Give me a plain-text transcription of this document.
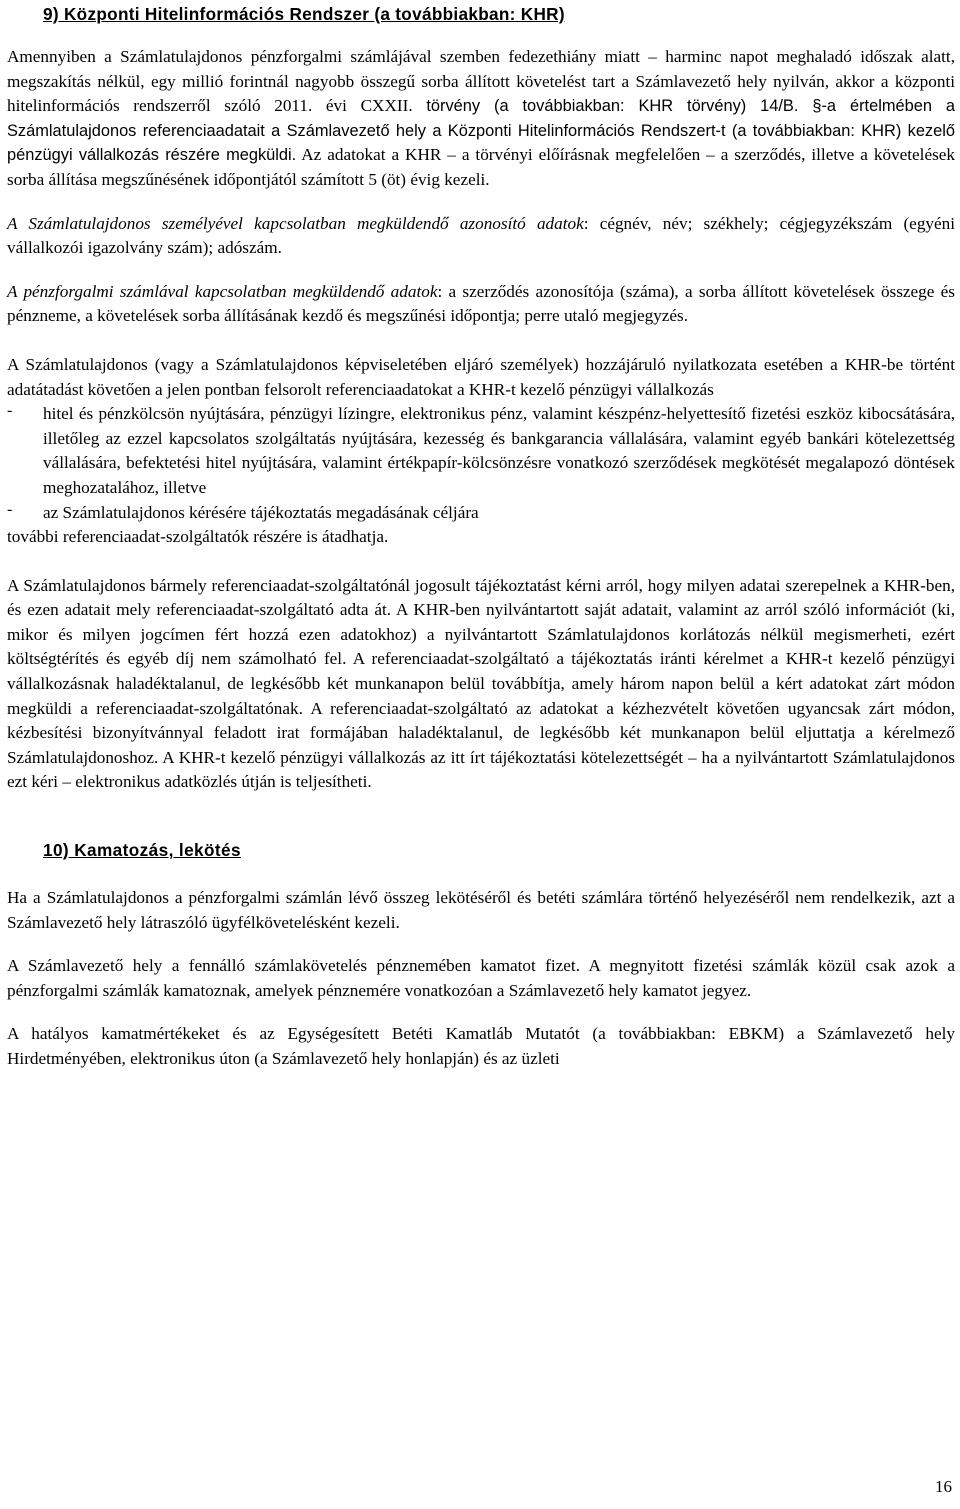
9) Központi Hitelinformációs Rendszer (a továbbiakban: KHR)

Amennyiben a Számlatulajdonos pénzforgalmi számlájával szemben fedezethiány miatt – harminc napot meghaladó időszak alatt, megszakítás nélkül, egy millió forintnál nagyobb összegű sorba állított követelést tart a Számlavezető hely nyilván, akkor a központi hitelinformációs rendszerről szóló 2011. évi CXXII. törvény (a továbbiakban: KHR törvény) 14/B. §-a értelmében a Számlatulajdonos referenciaadatait a Számlavezető hely a Központi Hitelinformációs Rendszert-t (a továbbiakban: KHR) kezelő pénzügyi vállalkozás részére megküldi. Az adatokat a KHR – a törvényi előírásnak megfelelően – a szerződés, illetve a követelések sorba állítása megszűnésének időpontjától számított 5 (öt) évig kezeli.

A Számlatulajdonos személyével kapcsolatban megküldendő azonosító adatok: cégnév, név; székhely; cégjegyzékszám (egyéni vállalkozói igazolvány szám); adószám.

A pénzforgalmi számlával kapcsolatban megküldendő adatok: a szerződés azonosítója (száma), a sorba állított követelések összege és pénzneme, a követelések sorba állításának kezdő és megszűnési időpontja; perre utaló megjegyzés.

A Számlatulajdonos (vagy a Számlatulajdonos képviseletében eljáró személyek) hozzájáruló nyilatkozata esetében a KHR-be történt adatátadást követően a jelen pontban felsorolt referenciaadatokat a KHR-t kezelő pénzügyi vállalkozás

- hitel és pénzkölcsön nyújtására, pénzügyi lízingre, elektronikus pénz, valamint készpénz-helyettesítő fizetési eszköz kibocsátására, illetőleg az ezzel kapcsolatos szolgáltatás nyújtására, kezesség és bankgarancia vállalására, valamint egyéb bankári kötelezettség vállalására, befektetési hitel nyújtására, valamint értékpapír-kölcsönzésre vonatkozó szerződések megkötését megalapozó döntések meghozatalához, illetve

- az Számlatulajdonos kérésére tájékoztatás megadásának céljára

további referenciaadat-szolgáltatók részére is átadhatja.

A Számlatulajdonos bármely referenciaadat-szolgáltatónál jogosult tájékoztatást kérni arról, hogy milyen adatai szerepelnek a KHR-ben, és ezen adatait mely referenciaadat-szolgáltató adta át. A KHR-ben nyilvántartott saját adatait, valamint az arról szóló információt (ki, mikor és milyen jogcímen fért hozzá ezen adatokhoz) a nyilvántartott Számlatulajdonos korlátozás nélkül megismerheti, ezért költségtérítés és egyéb díj nem számolható fel. A referenciaadat-szolgáltató a tájékoztatás iránti kérelmet a KHR-t kezelő pénzügyi vállalkozásnak haladéktalanul, de legkésőbb két munkanapon belül továbbítja, amely három napon belül a kért adatokat zárt módon megküldi a referenciaadat-szolgáltatónak. A referenciaadat-szolgáltató az adatokat a kézhezvételt követően ugyancsak zárt módon, kézbesítési bizonyítvánnyal feladott irat formájában haladéktalanul, de legkésőbb két munkanapon belül eljuttatja a kérelmező Számlatulajdonoshoz. A KHR-t kezelő pénzügyi vállalkozás az itt írt tájékoztatási kötelezettségét – ha a nyilvántartott Számlatulajdonos ezt kéri – elektronikus adatközlés útján is teljesítheti.

10) Kamatozás, lekötés

Ha a Számlatulajdonos a pénzforgalmi számlán lévő összeg lekötéséről és betéti számlára történő helyezéséről nem rendelkezik, azt a Számlavezető hely látraszóló ügyfélkövetelésként kezeli.

A Számlavezető hely a fennálló számlakövetelés pénznemében kamatot fizet. A megnyitott fizetési számlák közül csak azok a pénzforgalmi számlák kamatoznak, amelyek pénznemére vonatkozóan a Számlavezető hely kamatot jegyez.

A hatályos kamatmértékeket és az Egységesített Betéti Kamatláb Mutatót (a továbbiakban: EBKM) a Számlavezető hely Hirdetményében, elektronikus úton (a Számlavezető hely honlapján) és az üzleti

16
